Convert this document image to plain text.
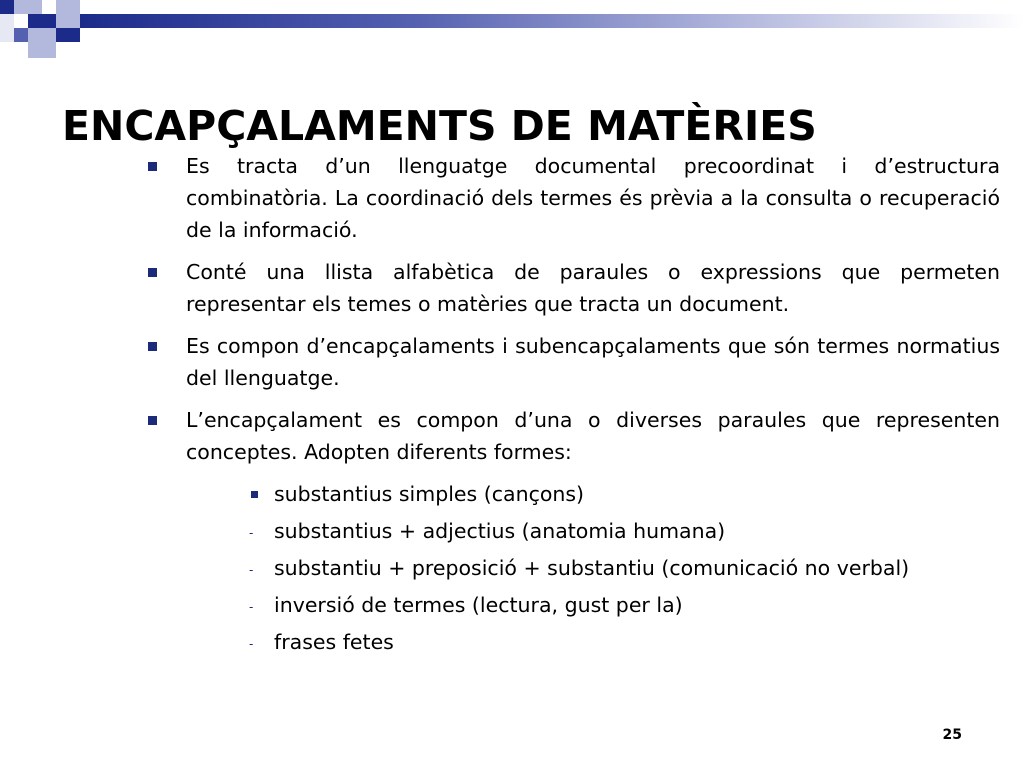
ENCAPÇALAMENTS DE MATÈRIES
Es tracta d’un llenguatge documental precoordinat i d’estructura combinatòria. La coordinació dels termes és prèvia a la consulta o recuperació de la informació.
Conté una llista alfabètica de paraules o expressions que permeten representar els temes o matèries que tracta un document.
Es compon d’encapçalaments i subencapçalaments que són termes normatius del llenguatge.
L’encapçalament es compon d’una o diverses paraules que representen conceptes. Adopten diferents formes:
substantius simples (cançons)
- substantius + adjectius (anatomia humana)
- substantiu + preposició + substantiu (comunicació no verbal)
- inversió de termes (lectura, gust per la)
- frases fetes
25
